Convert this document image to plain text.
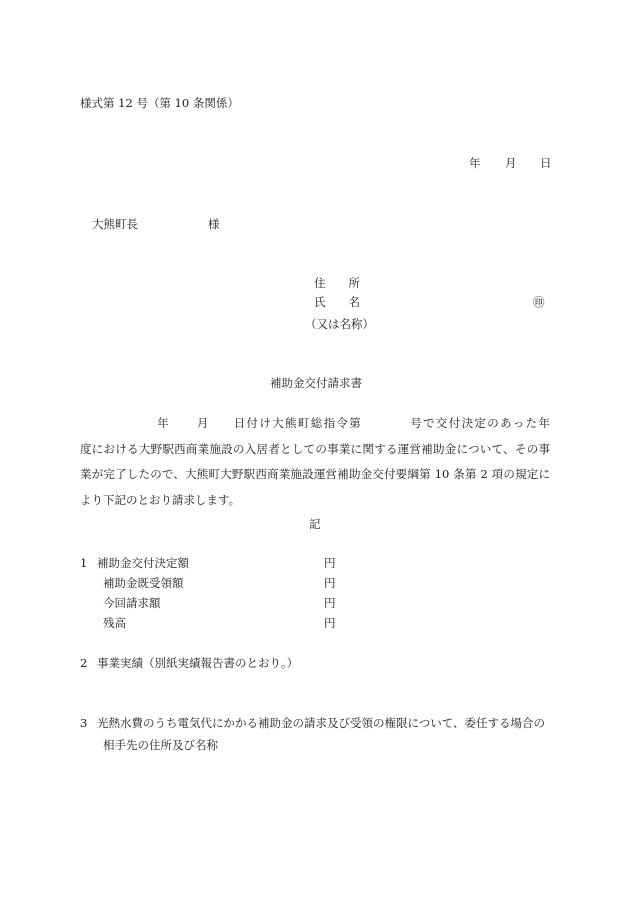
様式第 12 号（第 10 条関係）
年 月 日
大熊町長	様
住　　所
氏　　名	㊞
（又は名称）
補助金交付請求書
年 月 日付け大熊町総指令第	号で交付決定のあった年度における大野駅西商業施設の入居者としての事業に関する運営補助金について、その事業が完了したので、大熊町大野駅西商業施設運営補助金交付要綱第 10 条第 2 項の規定により下記のとおり請求します。
記
1 補助金交付決定額	円
補助金既受領額	円
今回請求額	円
残高	円
2 事業実績（別紙実績報告書のとおり。）
3 光熱水費のうち電気代にかかる補助金の請求及び受領の権限について、委任する場合の
相手先の住所及び名称
